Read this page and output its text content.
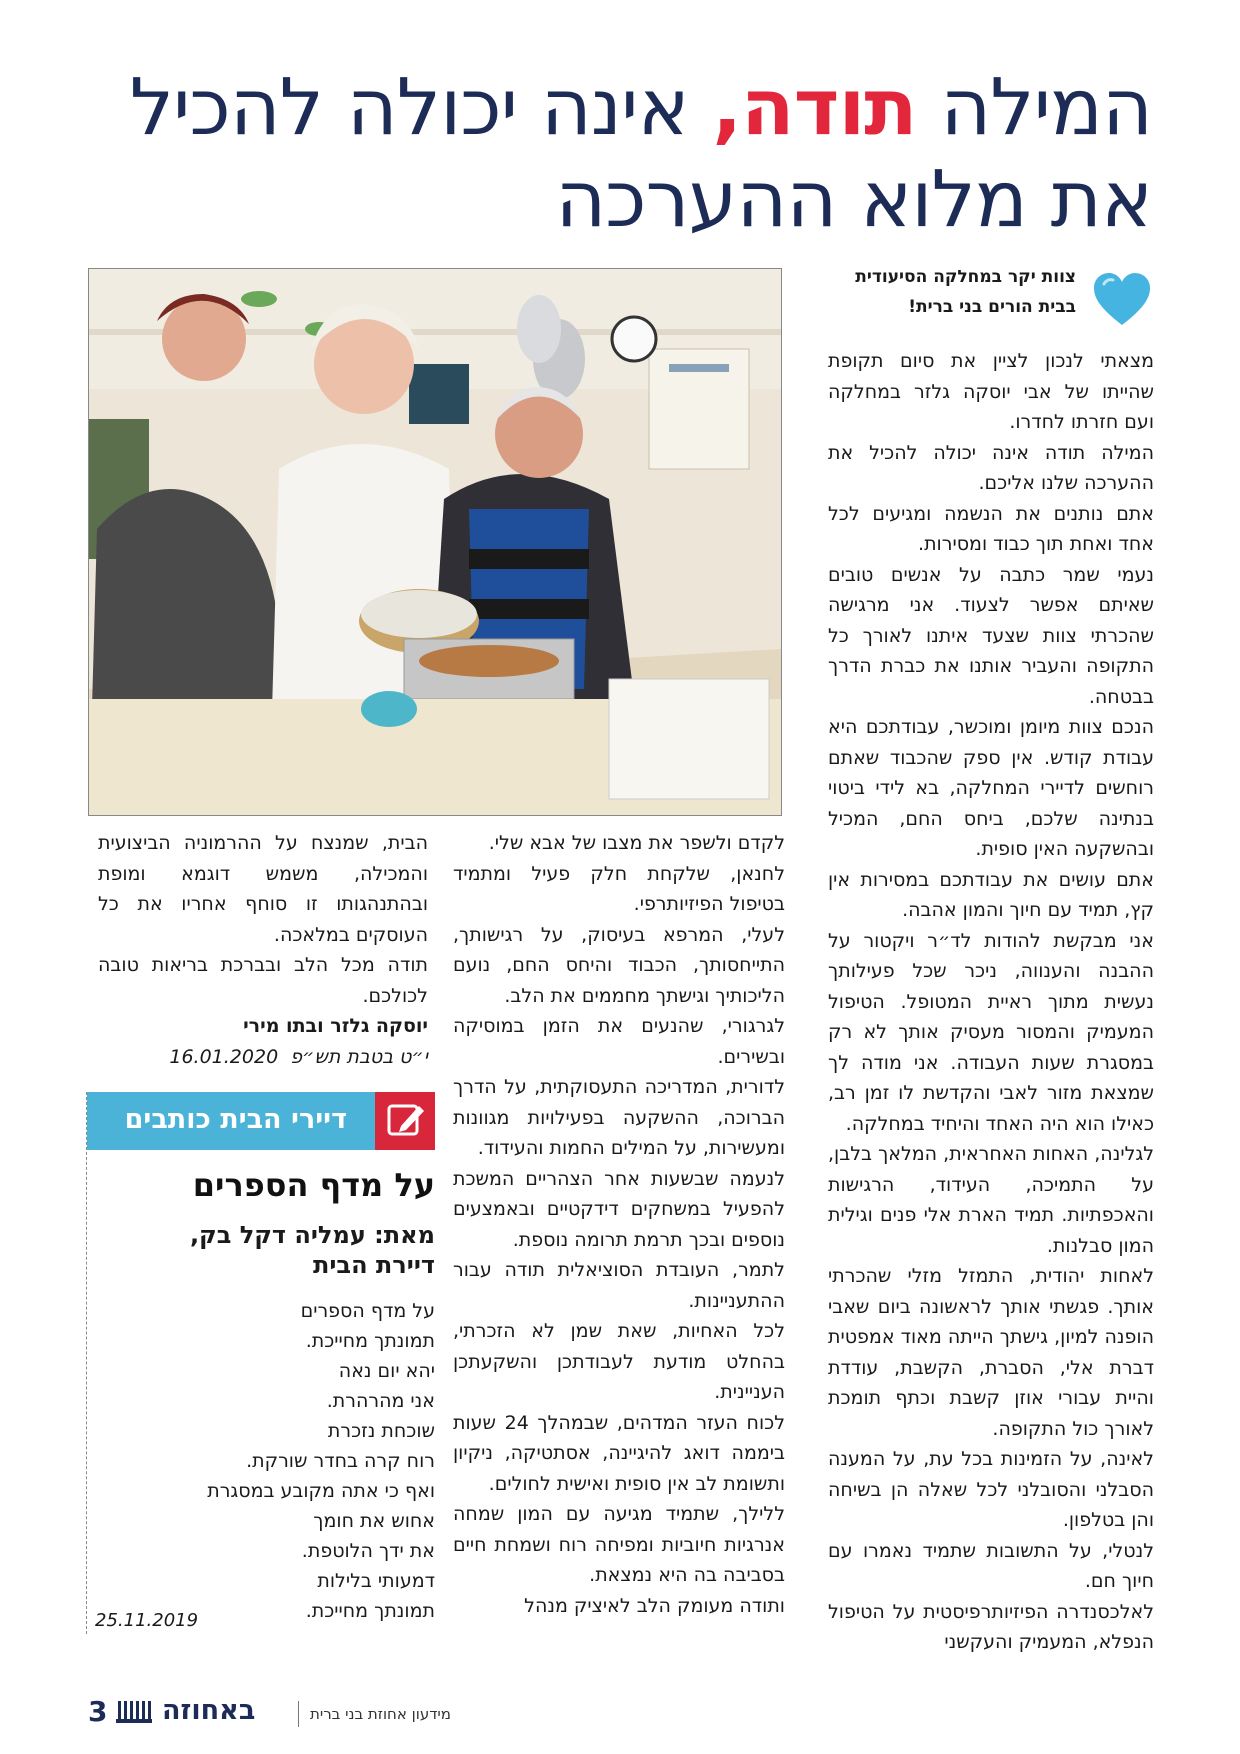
המילה תודה, אינה יכולה להכיל
את מלוא ההערכה
צוות יקר במחלקה הסיעודית
בבית הורים בני ברית!

מצאתי לנכון לציין את סיום תקופת שהייתו של אבי יוסקה גלזר במחלקה ועם חזרתו לחדרו.

המילה תודה אינה יכולה להכיל את ההערכה שלנו אליכם.

אתם נותנים את הנשמה ומגיעים לכל אחד ואחת תוך כבוד ומסירות.

נעמי שמר כתבה על אנשים טובים שאיתם אפשר לצעוד. אני מרגישה שהכרתי צוות שצעד איתנו לאורך כל התקופה והעביר אותנו את כברת הדרך בבטחה.

הנכם צוות מיומן ומוכשר, עבודתכם היא עבודת קודש. אין ספק שהכבוד שאתם רוחשים לדיירי המחלקה, בא לידי ביטוי בנתינה שלכם, ביחס החם, המכיל ובהשקעה האין סופית.

אתם עושים את עבודתכם במסירות אין קץ, תמיד עם חיוך והמון אהבה.

אני מבקשת להודות לד״ר ויקטור על ההבנה והענווה, ניכר שכל פעילותך נעשית מתוך ראיית המטופל. הטיפול המעמיק והמסור מעסיק אותך לא רק במסגרת שעות העבודה. אני מודה לך שמצאת מזור לאבי והקדשת לו זמן רב, כאילו הוא היה האחד והיחיד במחלקה.

לגלינה, האחות האחראית, המלאך בלבן, על התמיכה, העידוד, הרגישות והאכפתיות. תמיד הארת אלי פנים וגילית המון סבלנות.

לאחות יהודית, התמזל מזלי שהכרתי אותך. פגשתי אותך לראשונה ביום שאבי הופנה למיון, גישתך הייתה מאוד אמפטית דברת אלי, הסברת, הקשבת, עודדת והיית עבורי אוזן קשבת וכתף תומכת לאורך כול התקופה.

לאינה, על הזמינות בכל עת, על המענה הסבלני והסובלני לכל שאלה הן בשיחה והן בטלפון.

לנטלי, על התשובות שתמיד נאמרו עם חיוך חם.

לאלכסנדרה הפיזיותרפיסטית על הטיפול הנפלא, המעמיק והעקשני

לקדם ולשפר את מצבו של אבא שלי.

לחנאן, שלקחת חלק פעיל ומתמיד בטיפול הפיזיותרפי.

לעלי, המרפא בעיסוק, על רגישותך, התייחסותך, הכבוד והיחס החם, נועם הליכותיך וגישתך מחממים את הלב.

לגרגורי, שהנעים את הזמן במוסיקה ובשירים.

לדורית, המדריכה התעסוקתית, על הדרך הברוכה, ההשקעה בפעילויות מגוונות ומעשירות, על המילים החמות והעידוד.

לנעמה שבשעות אחר הצהריים המשכת להפעיל במשחקים דידקטיים ובאמצעים נוספים ובכך תרמת תרומה נוספת.

לתמר, העובדת הסוציאלית תודה עבור ההתעניינות.

לכל האחיות, שאת שמן לא הזכרתי, בהחלט מודעת לעבודתכן והשקעתכן העניינית.

לכוח העזר המדהים, שבמהלך 24 שעות ביממה דואג להיגיינה, אסתטיקה, ניקיון ותשומת לב אין סופית ואישית לחולים.

ללילך, שתמיד מגיעה עם המון שמחה אנרגיות חיוביות ומפיחה רוח ושמחת חיים בסביבה בה היא נמצאת.

ותודה מעומק הלב לאיציק מנהל

הבית, שמנצח על ההרמוניה הביצועית והמכילה, משמש דוגמא ומופת ובהתנהגותו זו סוחף אחריו את כל העוסקים במלאכה.

תודה מכל הלב ובברכת בריאות טובה לכולכם.

יוסקה גלזר ובתו מירי

י״ט בטבת תש״פ  16.01.2020

דיירי הבית כותבים
על מדף הספרים
מאת: עמליה דקל בק,
דיירת הבית

על מדף הספרים

תמונתך מחייכת.

יהא יום נאה

אני מהרהרת.

שוכחת נזכרת

רוח קרה בחדר שורקת.

ואף כי אתה מקובע במסגרת

אחוש את חומך

את ידך הלוטפת.

דמעותי בלילות

תמונתך מחייכת.

25.11.2019
3 באחוזה	מידעון אחוזת בני ברית
